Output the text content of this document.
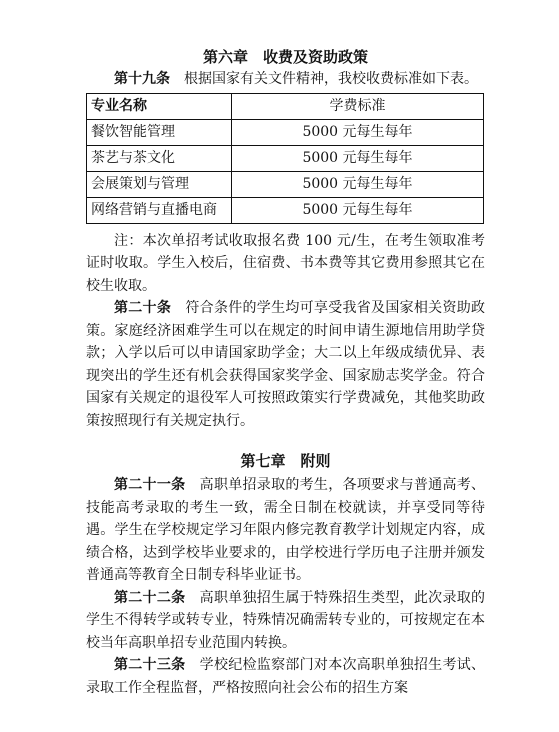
第六章　收费及资助政策

第十九条　根据国家有关文件精神，我校收费标准如下表。

专业名称	学费标准
餐饮智能管理	5000 元每生每年
茶艺与茶文化	5000 元每生每年
会展策划与管理	5000 元每生每年
网络营销与直播电商	5000 元每生每年

注：本次单招考试收取报名费 100 元/生，在考生领取准考证时收取。学生入校后，住宿费、书本费等其它费用参照其它在校生收取。

第二十条　符合条件的学生均可享受我省及国家相关资助政策。家庭经济困难学生可以在规定的时间申请生源地信用助学贷款；入学以后可以申请国家助学金；大二以上年级成绩优异、表现突出的学生还有机会获得国家奖学金、国家励志奖学金。符合国家有关规定的退役军人可按照政策实行学费减免，其他奖助政策按照现行有关规定执行。

第七章　附则

第二十一条　高职单招录取的考生，各项要求与普通高考、技能高考录取的考生一致，需全日制在校就读，并享受同等待遇。学生在学校规定学习年限内修完教育教学计划规定内容，成绩合格，达到学校毕业要求的，由学校进行学历电子注册并颁发普通高等教育全日制专科毕业证书。

第二十二条　高职单独招生属于特殊招生类型，此次录取的学生不得转学或转专业，特殊情况确需转专业的，可按规定在本校当年高职单招专业范围内转换。

第二十三条　学校纪检监察部门对本次高职单独招生考试、录取工作全程监督，严格按照向社会公布的招生方案
